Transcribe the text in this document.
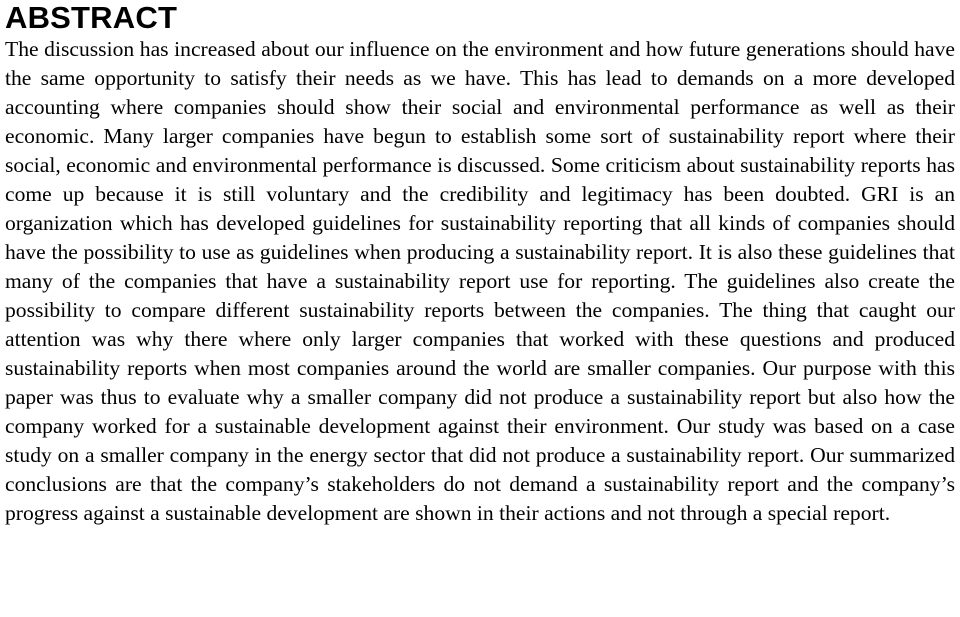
ABSTRACT

The discussion has increased about our influence on the environment and how future generations should have the same opportunity to satisfy their needs as we have. This has lead to demands on a more developed accounting where companies should show their social and environmental performance as well as their economic. Many larger companies have begun to establish some sort of sustainability report where their social, economic and environmental performance is discussed. Some criticism about sustainability reports has come up because it is still voluntary and the credibility and legitimacy has been doubted. GRI is an organization which has developed guidelines for sustainability reporting that all kinds of companies should have the possibility to use as guidelines when producing a sustainability report. It is also these guidelines that many of the companies that have a sustainability report use for reporting. The guidelines also create the possibility to compare different sustainability reports between the companies. The thing that caught our attention was why there where only larger companies that worked with these questions and produced sustainability reports when most companies around the world are smaller companies. Our purpose with this paper was thus to evaluate why a smaller company did not produce a sustainability report but also how the company worked for a sustainable development against their environment. Our study was based on a case study on a smaller company in the energy sector that did not produce a sustainability report. Our summarized conclusions are that the company’s stakeholders do not demand a sustainability report and the company’s progress against a sustainable development are shown in their actions and not through a special report.
